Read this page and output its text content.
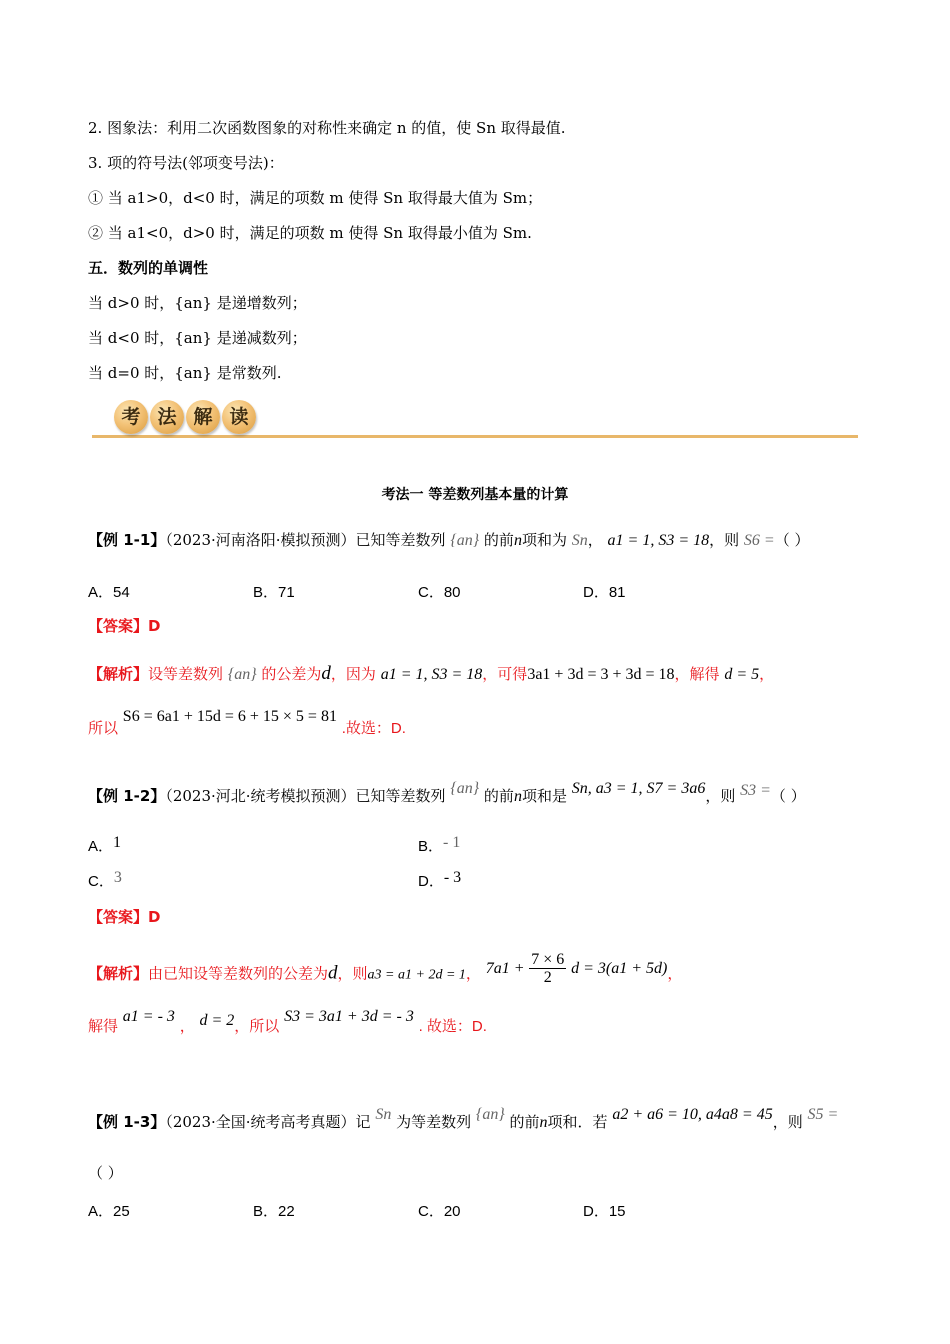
2. 图象法：利用二次函数图象的对称性来确定 n 的值，使 Sn 取得最值.
3. 项的符号法(邻项变号法)：
① 当 a1>0，d<0 时，满足的项数 m 使得 Sn 取得最大值为 Sm；
② 当 a1<0，d>0 时，满足的项数 m 使得 Sn 取得最小值为 Sm.
五．数列的单调性
当 d>0 时，{an} 是递增数列；
当 d<0 时，{an} 是递减数列；
当 d=0 时，{an} 是常数列.
考 法 解 读
考法一 等差数列基本量的计算
【例 1-1】（2023·河南洛阳·模拟预测）已知等差数列 {an} 的前n项和为 Sn， a1 = 1, S3 = 18，则 S6 =（ ）
A．54	B．71	C．80	D．81
【答案】D
【解析】设等差数列 {an} 的公差为d，因为 a1 = 1, S3 = 18，可得3a1 + 3d = 3 + 3d = 18，解得 d = 5，
所以 S6 = 6a1 + 15d = 6 + 15 × 5 = 81 .故选：D.
【例 1-2】（2023·河北·统考模拟预测）已知等差数列 {an} 的前n项和是 Sn, a3 = 1, S7 = 3a6，则 S3 =（ ）
A．1	B．- 1
C．3	D．- 3
【答案】D
【解析】由已知设等差数列的公差为d，则a3 = a1 + 2d = 1， $7a1 + \frac{7 \times 6}{2}$ d = 3(a1 + 5d)，
解得 a1 = - 3 ， d = 2，所以 S3 = 3a1 + 3d = - 3 . 故选：D.
【例 1-3】（2023·全国·统考高考真题）记 Sn 为等差数列 {an} 的前n项和．若 a2 + a6 = 10, a4a8 = 45，则 S5 =
（ ）
A．25	B．22	C．20	D．15
